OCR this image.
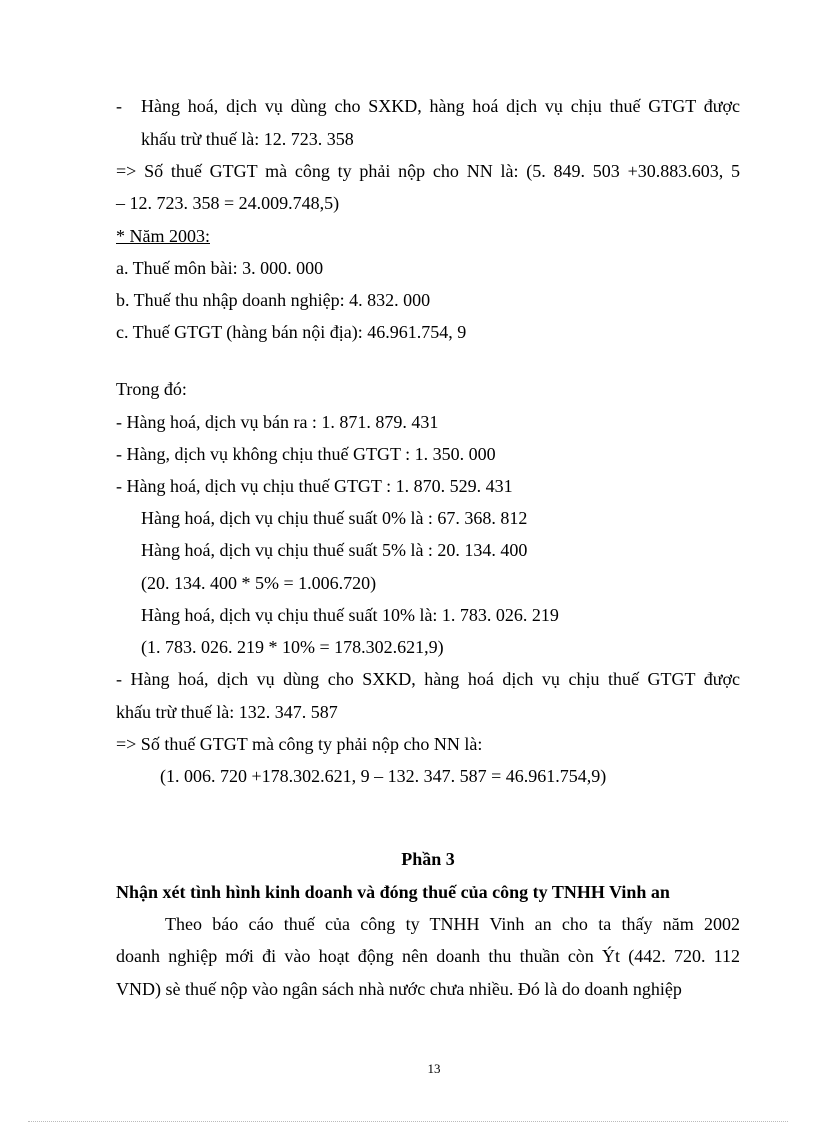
- Hàng hoá, dịch vụ dùng cho SXKD, hàng hoá dịch vụ chịu thuế GTGT được
khấu trừ thuế là: 12. 723. 358
=> Số thuế GTGT mà công ty phải nộp cho NN là: (5. 849. 503 +30.883.603, 5
– 12. 723. 358 = 24.009.748,5)
* Năm 2003:
a. Thuế môn bài: 3. 000. 000
b. Thuế thu nhập doanh nghiệp: 4. 832. 000
c. Thuế GTGT (hàng bán nội địa): 46.961.754, 9
Trong đó:
- Hàng hoá, dịch vụ bán ra : 1. 871. 879. 431
- Hàng, dịch vụ không chịu thuế GTGT : 1. 350. 000
- Hàng hoá, dịch vụ chịu thuế GTGT : 1. 870. 529. 431
Hàng hoá, dịch vụ chịu thuế suất 0% là : 67. 368. 812
Hàng hoá, dịch vụ chịu thuế suất 5% là : 20. 134. 400
(20. 134. 400 * 5% = 1.006.720)
Hàng hoá, dịch vụ chịu thuế suất 10% là: 1. 783. 026. 219
(1. 783. 026. 219 * 10% = 178.302.621,9)
- Hàng hoá, dịch vụ dùng cho SXKD, hàng hoá dịch vụ chịu thuế GTGT được
khấu trừ thuế là: 132. 347. 587
=> Số thuế GTGT mà công ty phải nộp cho NN là:
(1. 006. 720 +178.302.621, 9 – 132. 347. 587 = 46.961.754,9)
Phần 3
Nhận xét tình hình kinh doanh và đóng thuế của công ty TNHH Vinh an
Theo báo cáo thuế của công ty TNHH Vinh an cho ta thấy năm 2002
doanh nghiệp mới đi vào hoạt động nên doanh thu thuần còn Ýt (442. 720. 112
VND) sè thuế nộp vào ngân sách nhà nước chưa nhiều. Đó là do doanh nghiệp
13
